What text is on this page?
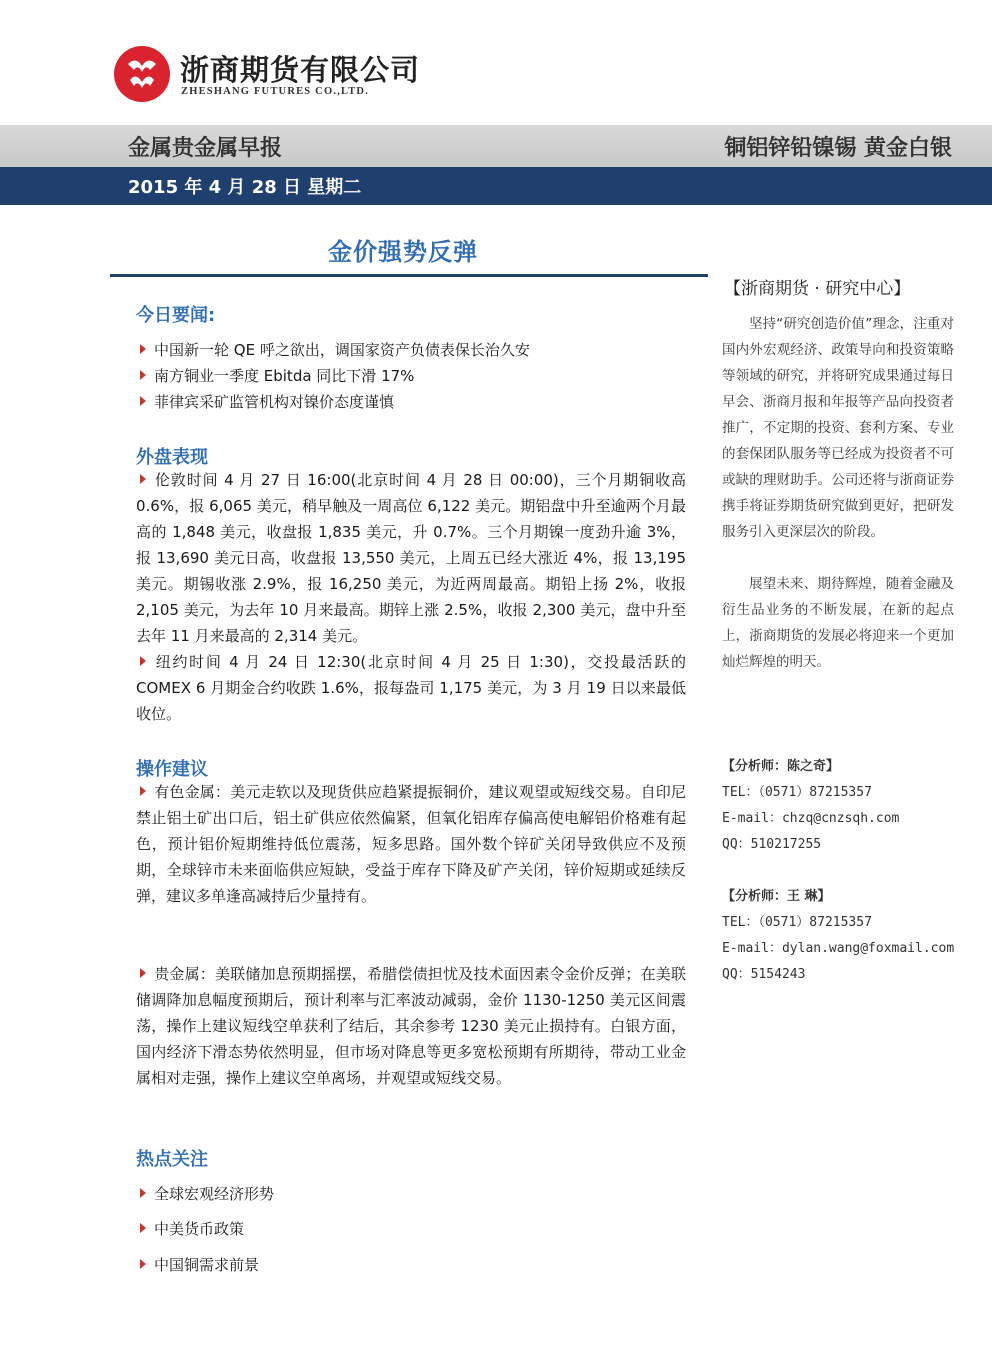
浙商期货有限公司
ZHESHANG FUTURES CO.,LTD.
金属贵金属早报	铜铝锌铅镍锡 黄金白银
2015 年 4 月 28 日 星期二
金价强势反弹
今日要闻:
中国新一轮 QE 呼之欲出，调国家资产负债表保长治久安
南方铜业一季度 Ebitda 同比下滑 17%
菲律宾采矿监管机构对镍价态度谨慎
外盘表现
伦敦时间 4 月 27 日 16:00(北京时间 4 月 28 日 00:00)，三个月期铜收高 0.6%，报 6,065 美元，稍早触及一周高位 6,122 美元。期铝盘中升至逾两个月最高的 1,848 美元，收盘报 1,835 美元，升 0.7%。三个月期镍一度劲升逾 3%，报 13,690 美元日高，收盘报 13,550 美元，上周五已经大涨近 4%，报 13,195 美元。期锡收涨 2.9%，报 16,250 美元，为近两周最高。期铅上扬 2%，收报 2,105 美元，为去年 10 月来最高。期锌上涨 2.5%，收报 2,300 美元，盘中升至去年 11 月来最高的 2,314 美元。
纽约时间 4 月 24 日 12:30(北京时间 4 月 25 日 1:30)，交投最活跃的 COMEX 6 月期金合约收跌 1.6%，报每盎司 1,175 美元，为 3 月 19 日以来最低收位。
操作建议
有色金属：美元走软以及现货供应趋紧提振铜价，建议观望或短线交易。自印尼禁止铝土矿出口后，铝土矿供应依然偏紧，但氧化铝库存偏高使电解铝价格难有起色，预计铝价短期维持低位震荡，短多思路。国外数个锌矿关闭导致供应不及预期，全球锌市未来面临供应短缺，受益于库存下降及矿产关闭，锌价短期或延续反弹，建议多单逢高减持后少量持有。
贵金属：美联储加息预期摇摆，希腊偿债担忧及技术面因素令金价反弹；在美联储调降加息幅度预期后，预计利率与汇率波动减弱，金价 1130-1250 美元区间震荡，操作上建议短线空单获利了结后，其余参考 1230 美元止损持有。白银方面，国内经济下滑态势依然明显，但市场对降息等更多宽松预期有所期待，带动工业金属相对走强，操作上建议空单离场，并观望或短线交易。
热点关注
全球宏观经济形势
中美货币政策
中国铜需求前景
【浙商期货 · 研究中心】
坚持“研究创造价值”理念，注重对国内外宏观经济、政策导向和投资策略等领域的研究，并将研究成果通过每日早会、浙商月报和年报等产品向投资者推广，不定期的投资、套利方案、专业的套保团队服务等已经成为投资者不可或缺的理财助手。公司还将与浙商证券携手将证券期货研究做到更好，把研发服务引入更深层次的阶段。
展望未来、期待辉煌，随着金融及衍生品业务的不断发展，在新的起点上，浙商期货的发展必将迎来一个更加灿烂辉煌的明天。
【分析师：陈之奇】
TEL：（0571）87215357
E-mail：chzq@cnzsqh.com
QQ：510217255
【分析师：王 琳】
TEL：（0571）87215357
E-mail：dylan.wang@foxmail.com
QQ：5154243
